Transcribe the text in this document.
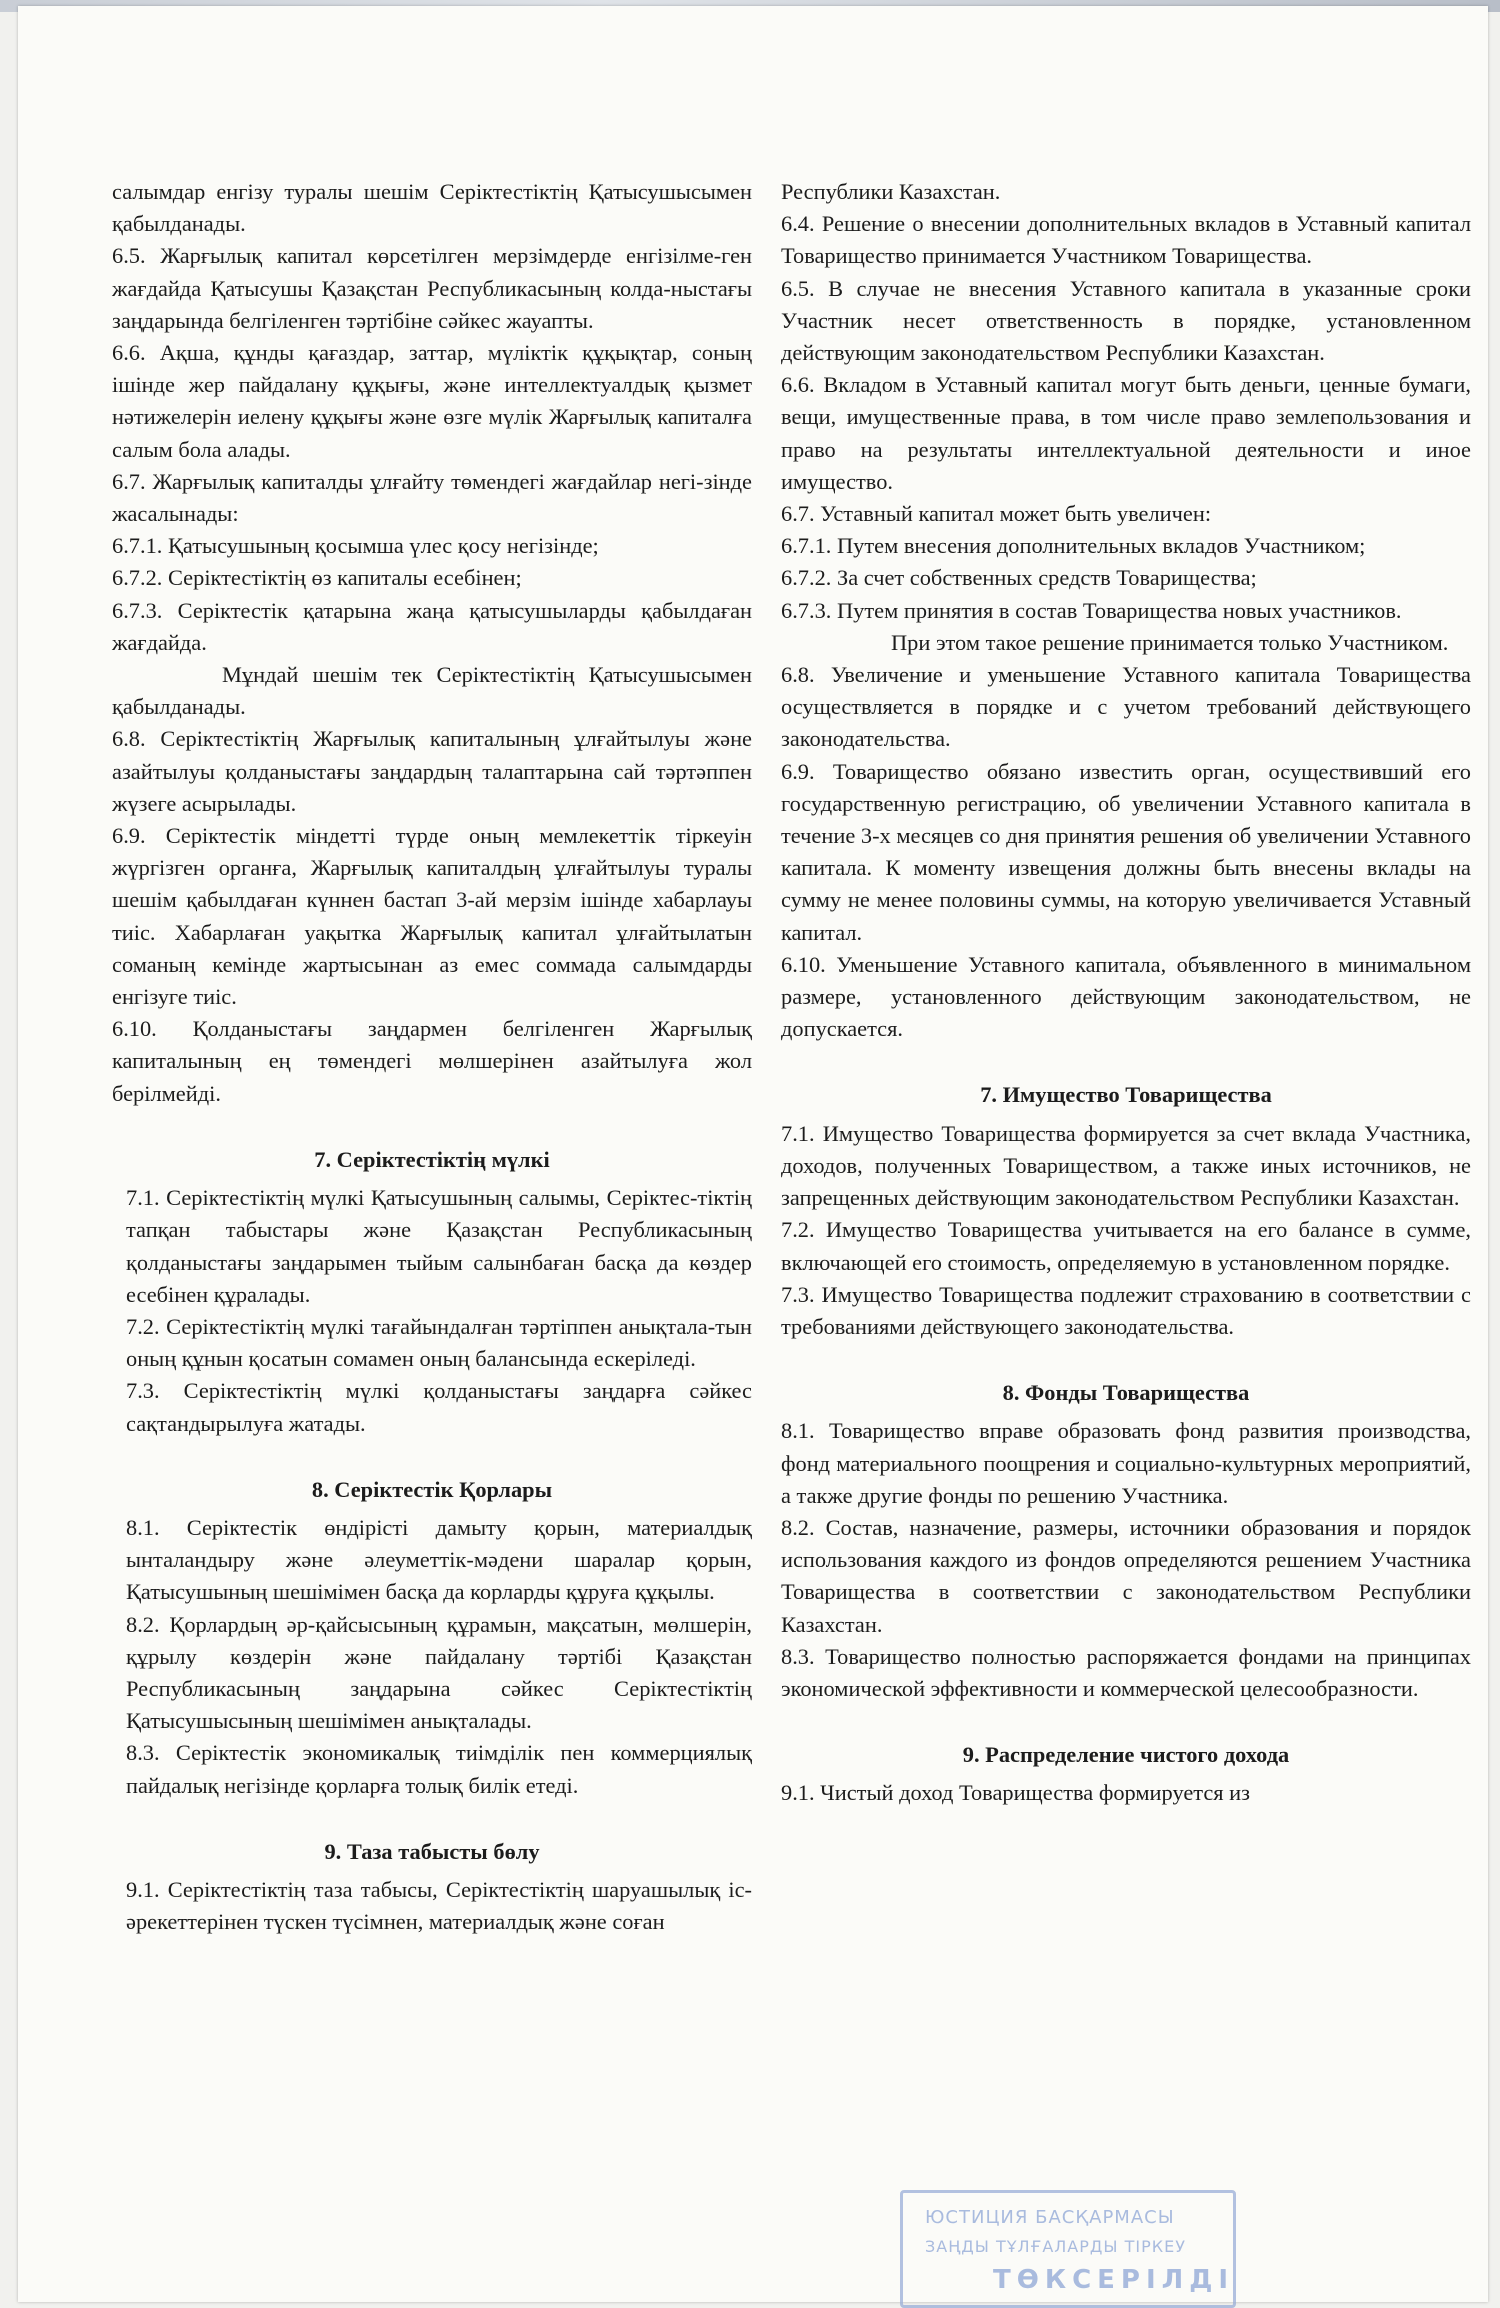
салымдар енгізу туралы шешім Серіктестіктің Қатысушысымен қабылданады.

6.5. Жарғылық капитал көрсетілген мерзімдерде енгізілме-ген жағдайда Қатысушы Қазақстан Республикасының колда-ныстағы заңдарында белгіленген тәртібіне сәйкес жауапты.

6.6. Ақша, құнды қағаздар, заттар, мүліктік құқықтар, соның ішінде жер пайдалану құқығы, және интеллектуалдық қызмет нәтижелерін иелену құқығы және өзге мүлік Жарғылық капиталға салым бола алады.

6.7. Жарғылық капиталды ұлғайту төмендегі жағдайлар негі-зінде жасалынады:

6.7.1. Қатысушының қосымша үлес қосу негізінде;

6.7.2. Серіктестіктің өз капиталы есебінен;

6.7.3. Серіктестік қатарына жаңа қатысушыларды қабылдаған жағдайда.

Мұндай шешім тек Серіктестіктің Қатысушысымен қабылданады.

6.8. Серіктестіктің Жарғылық капиталының ұлғайтылуы және азайтылуы қолданыстағы заңдардың талаптарына сай тәртәппен жүзеге асырылады.

6.9. Серіктестік міндетті түрде оның мемлекеттік тіркеуін жүргізген органға, Жарғылық капиталдың ұлғайтылуы туралы шешім қабылдаған күннен бастап 3-ай мерзім ішінде хабарлауы тиіс. Хабарлаған уақытка Жарғылық капитал ұлғайтылатын соманың кемінде жартысынан аз емес соммада салымдарды енгізуге тиіс.

6.10. Қолданыстағы заңдармен белгіленген Жарғылық капиталының ең төмендегі мөлшерінен азайтылуға жол берілмейді.

7. Серіктестіктің мүлкі

7.1. Серіктестіктің мүлкі Қатысушының салымы, Серіктес-тіктің тапқан табыстары және Қазақстан Республикасының қолданыстағы заңдарымен тыйым салынбаған басқа да көздер есебінен құралады.

7.2. Серіктестіктің мүлкі тағайындалған тәртіппен анықтала-тын оның құнын қосатын сомамен оның балансында ескеріледі.

7.3. Серіктестіктің мүлкі қолданыстағы заңдарға сәйкес сақтандырылуға жатады.

8. Серіктестік Қорлары

8.1. Серіктестік өндірісті дамыту қорын, материалдық ынталандыру және әлеуметтік-мәдени шаралар қорын, Қатысушының шешімімен басқа да корларды құруға құқылы.

8.2. Қорлардың әр-қайсысының құрамын, мақсатын, мөлшерін, құрылу көздерін және пайдалану тәртібі Қазақстан Республикасының заңдарына сәйкес Серіктестіктің Қатысушысының шешімімен анықталады.

8.3. Серіктестік экономикалық тиімділік пен коммерциялық пайдалық негізінде қорларға толық билік етеді.

9. Таза табысты бөлу

9.1. Серіктестіктің таза табысы, Серіктестіктің шаруашылық іс-әрекеттерінен түскен түсімнен, материалдық және соған

Республики Казахстан.

6.4. Решение о внесении дополнительных вкладов в Уставный капитал Товарищество принимается Участником Товарищества.

6.5. В случае не внесения Уставного капитала в указанные сроки Участник несет ответственность в порядке, установленном действующим законодательством Республики Казахстан.

6.6. Вкладом в Уставный капитал могут быть деньги, ценные бумаги, вещи, имущественные права, в том числе право землепользования и право на результаты интеллектуальной деятельности и иное имущество.

6.7. Уставный капитал может быть увеличен:

6.7.1. Путем внесения дополнительных вкладов Участником;

6.7.2. За счет собственных средств Товарищества;

6.7.3. Путем принятия в состав Товарищества новых участников.

При этом такое решение принимается только Участником.

6.8. Увеличение и уменьшение Уставного капитала Товарищества осуществляется в порядке и с учетом требований действующего законодательства.

6.9. Товарищество обязано известить орган, осуществивший его государственную регистрацию, об увеличении Уставного капитала в течение 3-х месяцев со дня принятия решения об увеличении Уставного капитала. К моменту извещения должны быть внесены вклады на сумму не менее половины суммы, на которую увеличивается Уставный капитал.

6.10. Уменьшение Уставного капитала, объявленного в минимальном размере, установленного действующим законодательством, не допускается.

7. Имущество Товарищества

7.1. Имущество Товарищества формируется за счет вклада Участника, доходов, полученных Товариществом, а также иных источников, не запрещенных действующим законодательством Республики Казахстан.

7.2. Имущество Товарищества учитывается на его балансе в сумме, включающей его стоимость, определяемую в установленном порядке.

7.3. Имущество Товарищества подлежит страхованию в соответствии с требованиями действующего законодательства.

8. Фонды Товарищества

8.1. Товарищество вправе образовать фонд развития производства, фонд материального поощрения и социально-культурных мероприятий, а также другие фонды по решению Участника.

8.2. Состав, назначение, размеры, источники образования и порядок использования каждого из фондов определяются решением Участника Товарищества в соответствии с законодательством Республики Казахстан.

8.3. Товарищество полностью распоряжается фондами на принципах экономической эффективности и коммерческой целесообразности.

9. Распределение чистого дохода

9.1. Чистый доход Товарищества формируется из

ЮСТИЦИЯ БАСҚАРМАСЫ
ЗАҢДЫ ТҰЛҒАЛАРДЫ ТІРКЕУ
ТӨКСЕРІЛДІ
